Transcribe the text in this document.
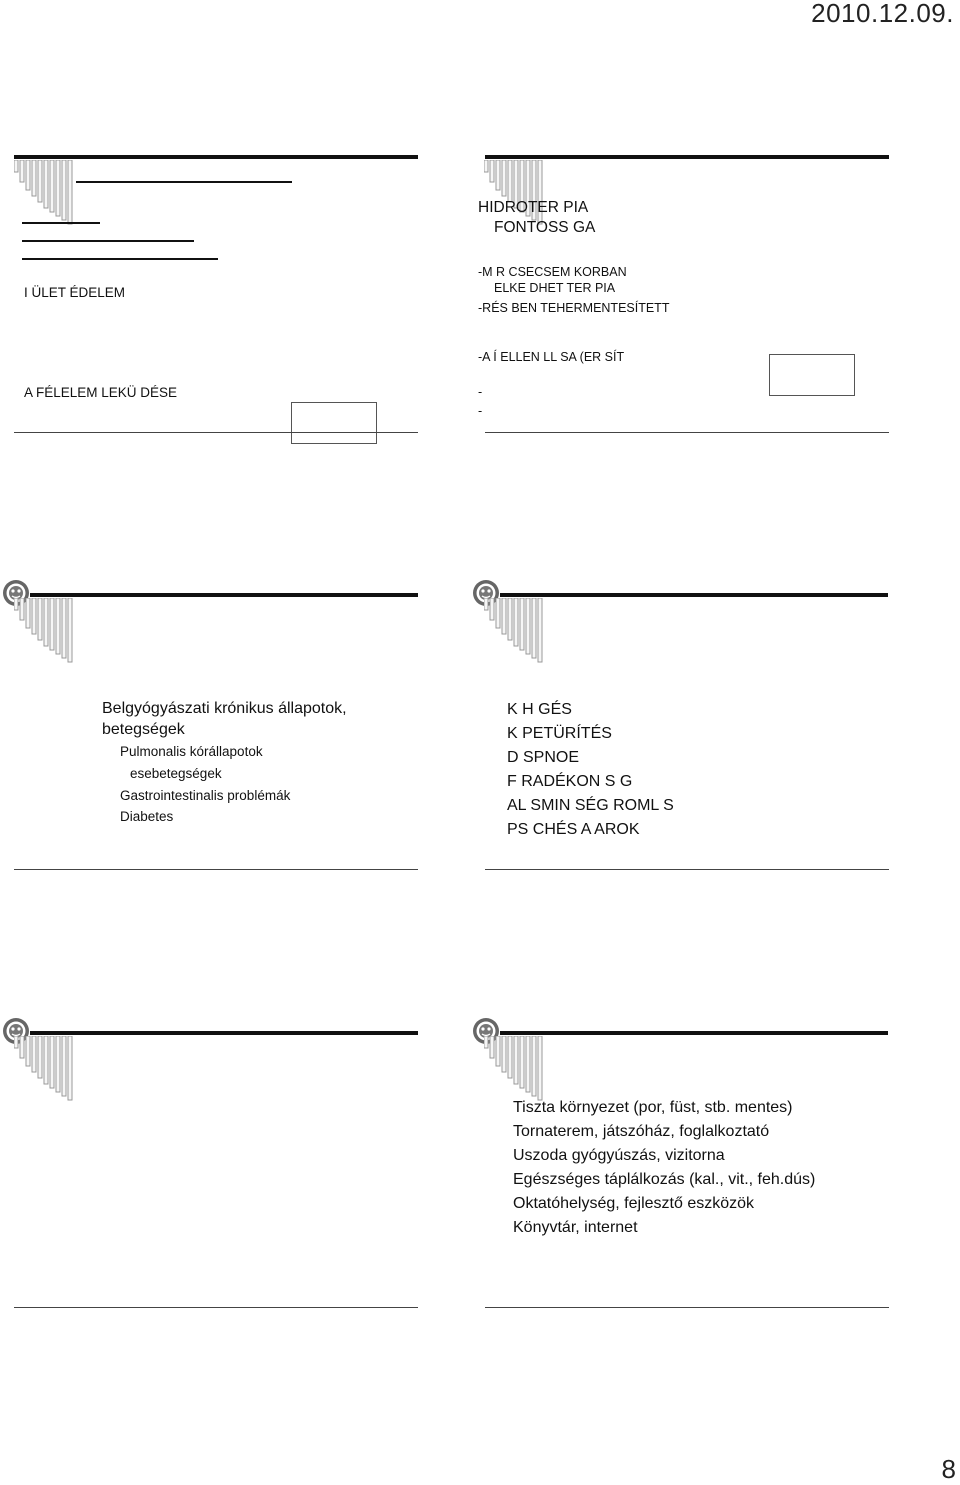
2010.12.09.
8
I ÜLET ÉDELEM
A FÉLELEM LEKÜ DÉSE
HIDROTER PIA
FONTOSS GA
-M R CSECSEM KORBAN
ELKE DHET TER PIA
-RÉS BEN TEHERMENTESÍTETT
-A Í ELLEN LL SA (ER SÍT
-
-
Belgyógyászati krónikus állapotok,
betegségek
Pulmonalis kórállapotok
esebetegségek
Gastrointestinalis problémák
Diabetes
K H GÉS
K PETÜRÍTÉS
D SPNOE
F RADÉKON S G
AL SMIN SÉG ROML S
PS CHÉS A AROK
Tiszta környezet (por, füst, stb. mentes)
Tornaterem, játszóház, foglalkoztató
Uszoda gyógyúszás, vizitorna
Egészséges táplálkozás (kal., vit., feh.dús)
Oktatóhelység, fejlesztő eszközök
Könyvtár, internet
